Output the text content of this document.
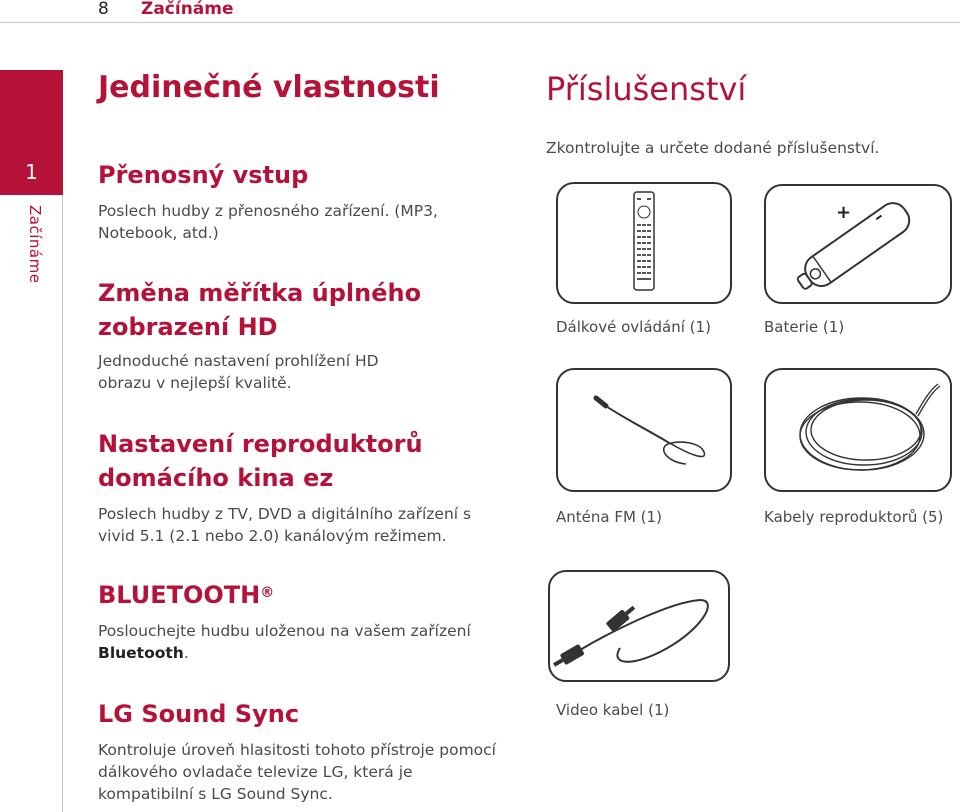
8 Začínáme
1
Začínáme
Jedinečné vlastnosti
Přenosný vstup

Poslech hudby z přenosného zařízení. (MP3, Notebook, atd.)

Změna měřítka úplného zobrazení HD

Jednoduché nastavení prohlížení HD obrazu v nejlepší kvalitě.

Nastavení reproduktorů domácího kina ez

Poslech hudby z TV, DVD a digitálního zařízení s vivid 5.1 (2.1 nebo 2.0) kanálovým režimem.

BLUETOOTH®

Poslouchejte hudbu uloženou na vašem zařízení Bluetooth.

LG Sound Sync

Kontroluje úroveň hlasitosti tohoto přístroje pomocí dálkového ovladače televize LG, která je kompatibilní s LG Sound Sync.

Příslušenství

Zkontrolujte a určete dodané příslušenství.

+ –
Dálkové ovládání (1)	Baterie (1)
Anténa FM (1)	Kabely reproduktorů (5)
Video kabel (1)
